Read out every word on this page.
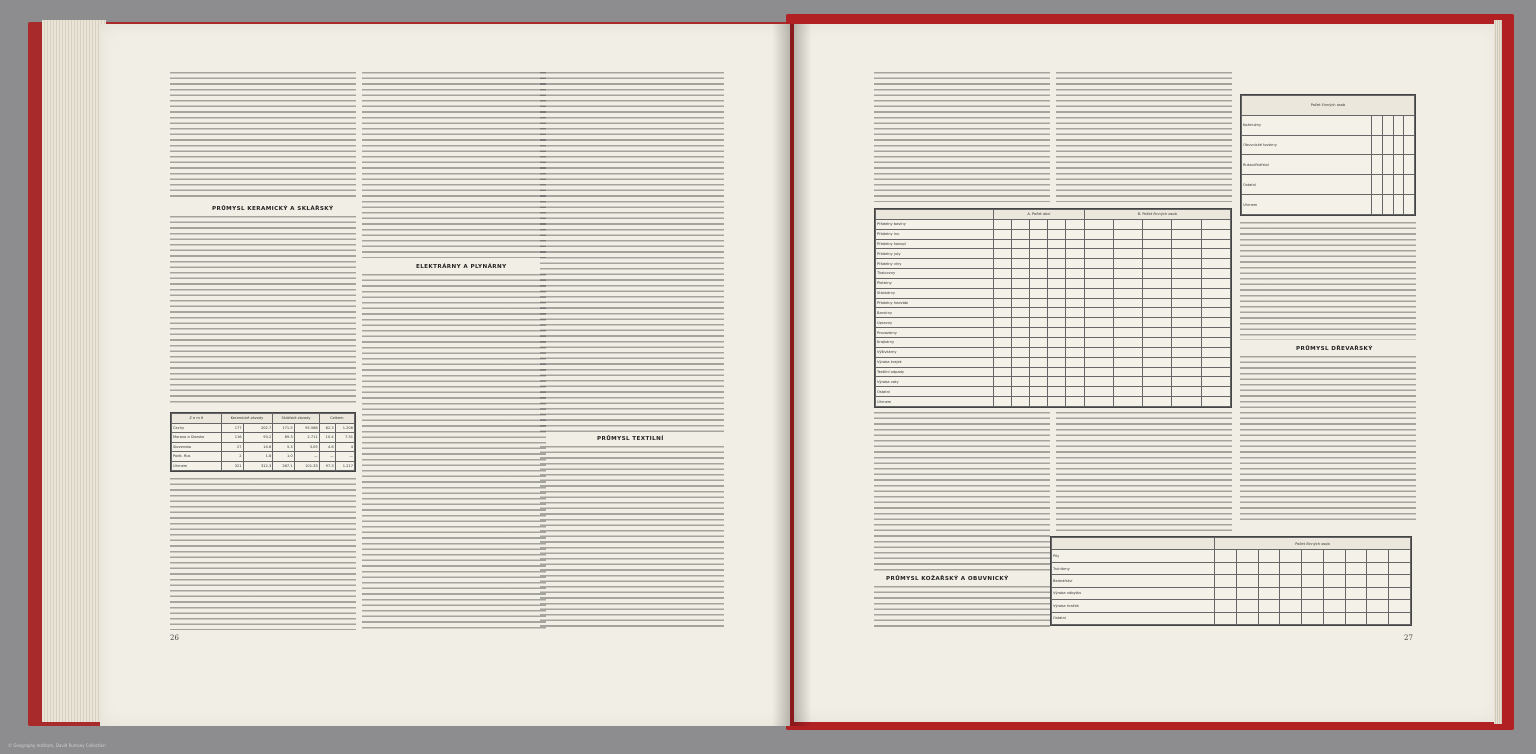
PRŮMYSL KERAMICKÝ A SKLÁŘSKÝ
Z e m ě	Keramické závody		Sklářské závody		Celkem	
Čechy	177	202.7	171.5	95.568	82.3	1.206
Morava a Slezsko	116	93.2	89.3	2.711	10.4	7.31
Slovensko	27	14.6	5.3	3.05	4.6	4
Podk. Rus	2	1.8	1.0	—	—	—
Úhrnem	321	312.3	267.1	101.33	97.3	1.217
ELEKTRÁRNY A PLYNÁRNY
PRŮMYSL TEXTILNÍ
26
Počet činných osob				
Koželužny				
Obuvnické továrny				
Rukavičkářství				
Ostatní				
Úhrnem				
PRŮMYSL DŘEVAŘSKÝ
	A. Počet obcí					B. Počet činných osob				
Přádelny bavlny										
Přádelny lnu										
Přádelny konopí										
Přádelny juty										
Přádelny vlny										
Tkalcovny										
Pletárny										
Stávkárny										
Přádelny hedvábí										
Barvírny										
Úpravny										
Provazárny										
Krajkárny										
Výšivkárny										
Výroba krajek										
Textilní odpady										
Výroba vaty										
Ostatní										
Úhrnem										
PRŮMYSL KOŽAŘSKÝ A OBUVNICKÝ
	Počet činných osob								
Pily									
Truhlárny									
Bednářství									
Výroba nábytku									
Výroba hraček									
Ostatní									
27
© Geography Institute, David Rumsey Collection
